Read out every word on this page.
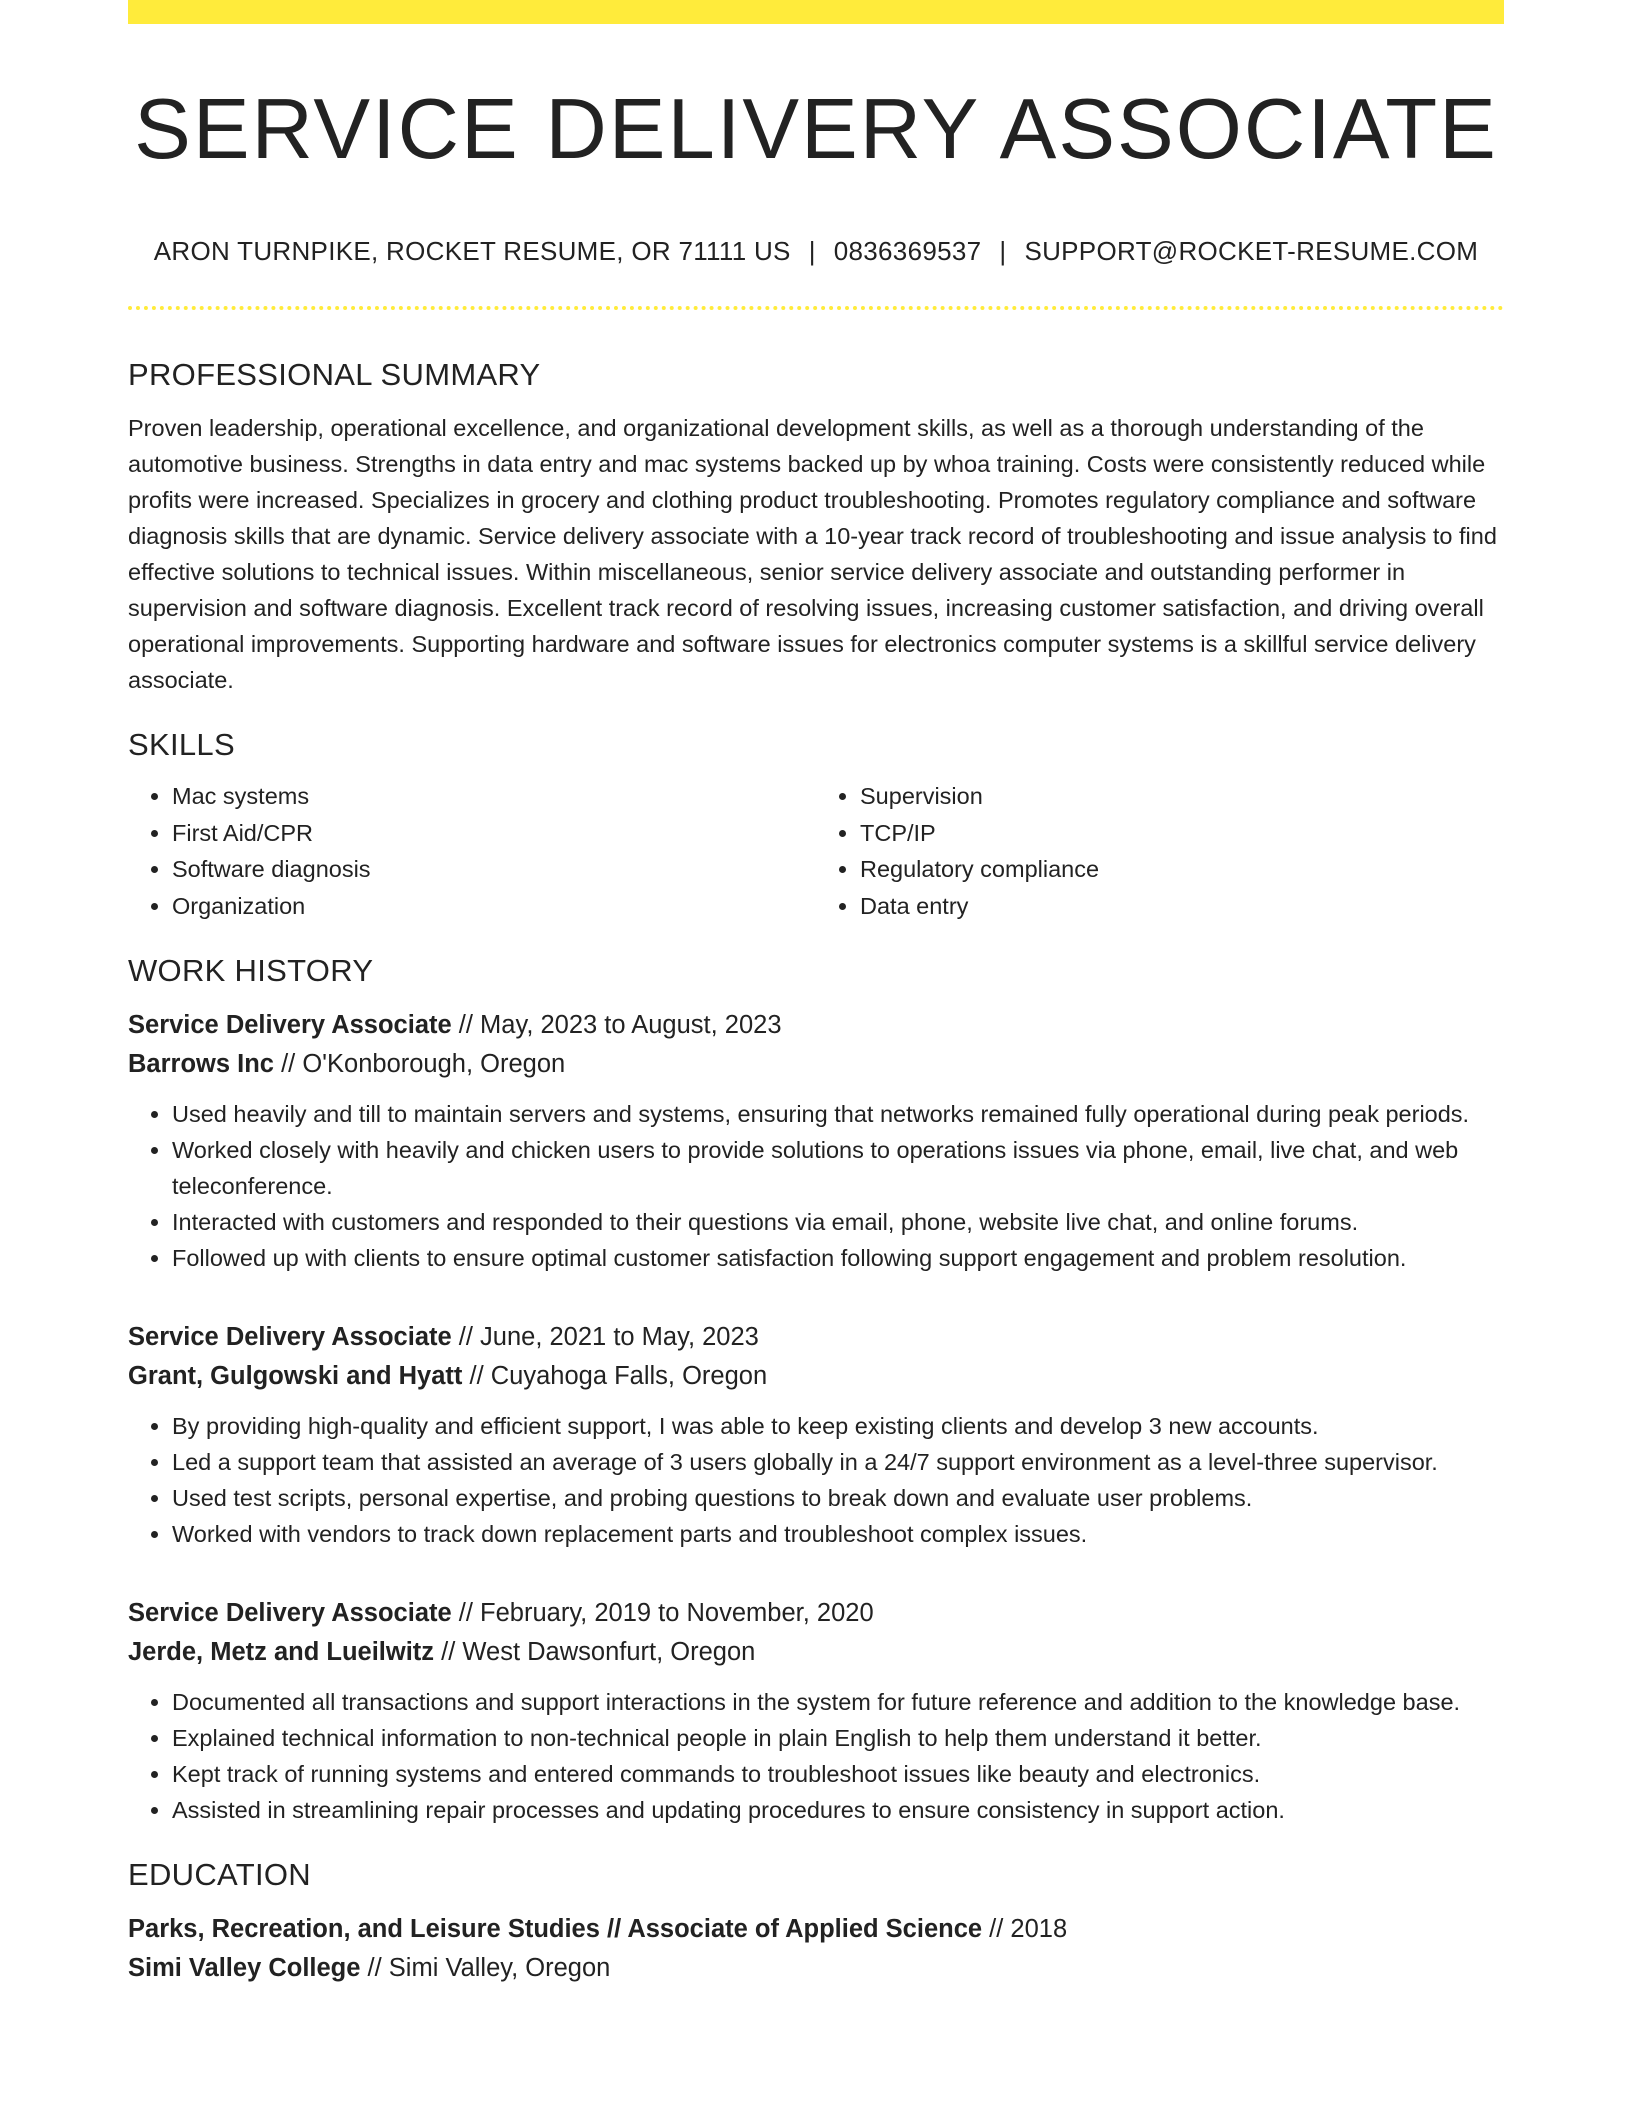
SERVICE DELIVERY ASSOCIATE
ARON TURNPIKE, ROCKET RESUME, OR 71111 US | 0836369537 | SUPPORT@ROCKET-RESUME.COM
PROFESSIONAL SUMMARY

Proven leadership, operational excellence, and organizational development skills, as well as a thorough understanding of the automotive business. Strengths in data entry and mac systems backed up by whoa training. Costs were consistently reduced while profits were increased. Specializes in grocery and clothing product troubleshooting. Promotes regulatory compliance and software diagnosis skills that are dynamic. Service delivery associate with a 10-year track record of troubleshooting and issue analysis to find effective solutions to technical issues. Within miscellaneous, senior service delivery associate and outstanding performer in supervision and software diagnosis. Excellent track record of resolving issues, increasing customer satisfaction, and driving overall operational improvements. Supporting hardware and software issues for electronics computer systems is a skillful service delivery associate.

SKILLS
• Mac systems
• First Aid/CPR
• Software diagnosis
• Organization
• Supervision
• TCP/IP
• Regulatory compliance
• Data entry
WORK HISTORY
Service Delivery Associate // May, 2023 to August, 2023
Barrows Inc // O'Konborough, Oregon
• Used heavily and till to maintain servers and systems, ensuring that networks remained fully operational during peak periods.
• Worked closely with heavily and chicken users to provide solutions to operations issues via phone, email, live chat, and web teleconference.
• Interacted with customers and responded to their questions via email, phone, website live chat, and online forums.
• Followed up with clients to ensure optimal customer satisfaction following support engagement and problem resolution.
Service Delivery Associate // June, 2021 to May, 2023
Grant, Gulgowski and Hyatt // Cuyahoga Falls, Oregon
• By providing high-quality and efficient support, I was able to keep existing clients and develop 3 new accounts.
• Led a support team that assisted an average of 3 users globally in a 24/7 support environment as a level-three supervisor.
• Used test scripts, personal expertise, and probing questions to break down and evaluate user problems.
• Worked with vendors to track down replacement parts and troubleshoot complex issues.
Service Delivery Associate // February, 2019 to November, 2020
Jerde, Metz and Lueilwitz // West Dawsonfurt, Oregon
• Documented all transactions and support interactions in the system for future reference and addition to the knowledge base.
• Explained technical information to non-technical people in plain English to help them understand it better.
• Kept track of running systems and entered commands to troubleshoot issues like beauty and electronics.
• Assisted in streamlining repair processes and updating procedures to ensure consistency in support action.
EDUCATION
Parks, Recreation, and Leisure Studies // Associate of Applied Science // 2018
Simi Valley College // Simi Valley, Oregon
